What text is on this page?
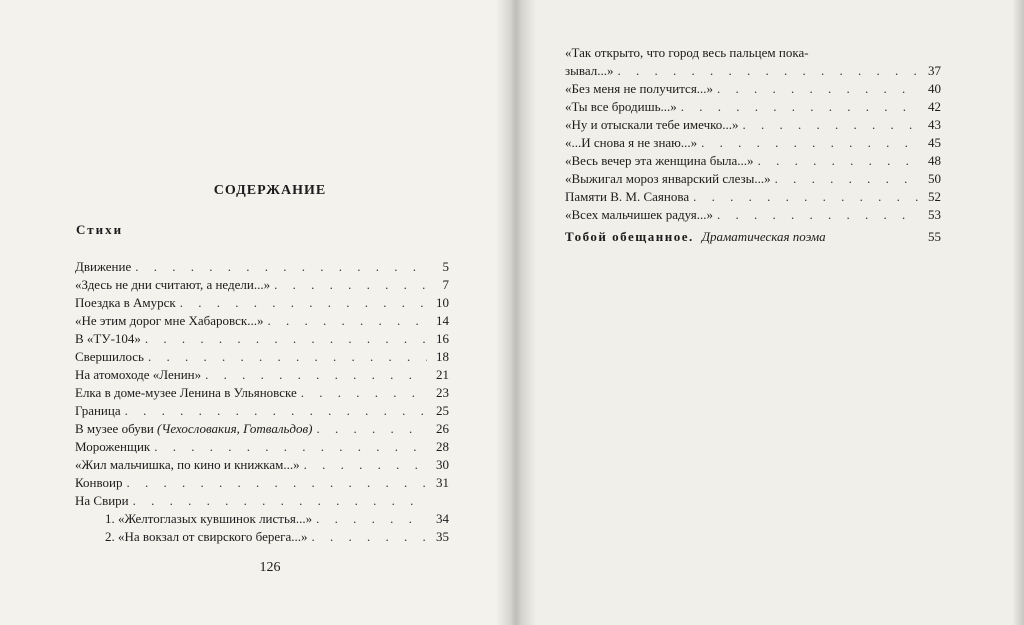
СОДЕРЖАНИЕ
Стихи
Движение . . .	5
«Здесь не дни считают, а недели...» . . .	7
Поездка в Амурск . . .	10
«Не этим дорог мне Хабаровск...» . . .	14
В «ТУ-104» . . .	16
Свершилось . . .	18
На атомоходе «Ленин» . . .	21
Елка в доме-музее Ленина в Ульяновске . . .	23
Граница . . .	25
В музее обуви (Чехословакия, Готвальдов) . . .	26
Мороженщик . . .	28
«Жил мальчишка, по кино и книжкам...» . . .	30
Конвоир . . .	31
На Свири
. . .
1. «Желтоглазых кувшинок листья...» . . .	34
2. «На вокзал от свирского берега...» . . .	35
126
«Так открыто, что город весь пальцем пока-
зывал...» . . .	37
«Без меня не получится...» . . .	40
«Ты все бродишь...» . . .	42
«Ну и отыскали тебе имечко...» . . .	43
«...И снова я не знаю...» . . .	45
«Весь вечер эта женщина была...» . . .	48
«Выжигал мороз январский слезы...» . . .	50
Памяти В. М. Саянова . . .	52
«Всех мальчишек радуя...» . . .	53
Тобой обещанное. Драматическая поэма	55
